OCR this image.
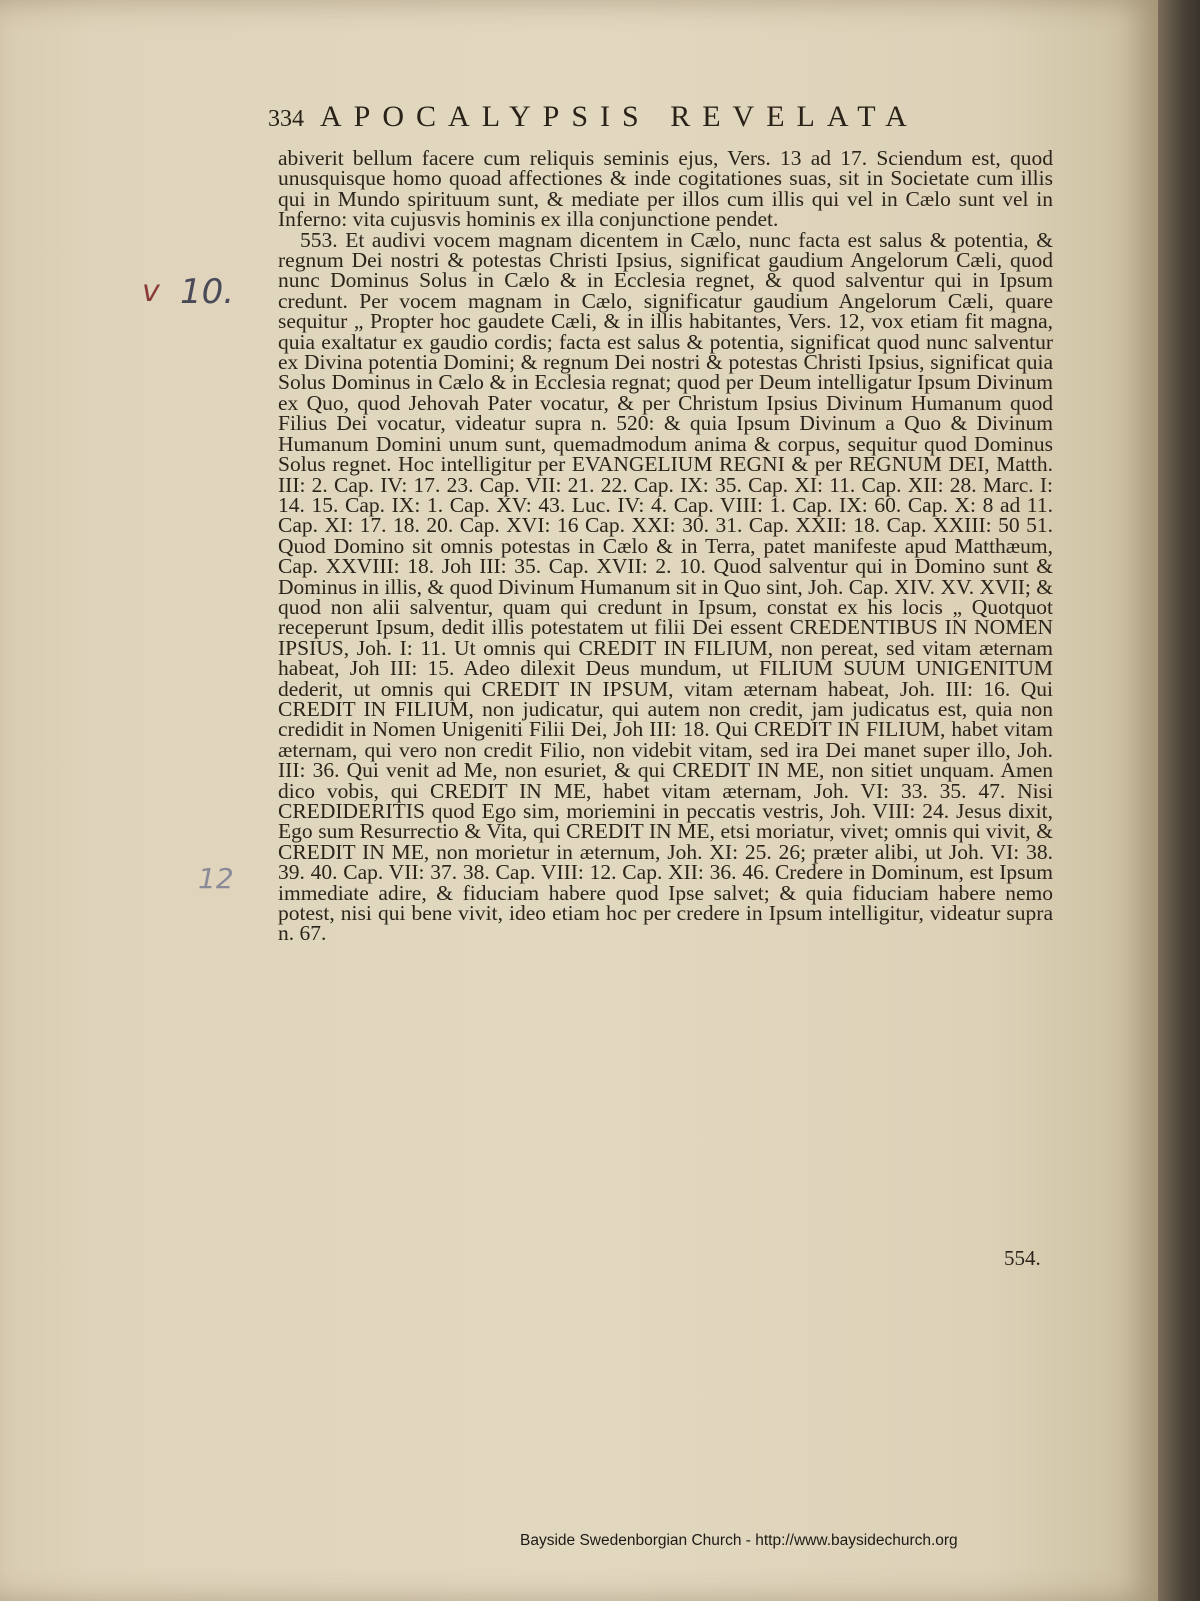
334 APOCALYPSIS REVELATA
v 10.
12

abiverit bellum facere cum reliquis seminis ejus, Vers. 13 ad 17. Sciendum est, quod unusquisque homo quoad affectiones & inde cogitationes suas, sit in Societate cum illis qui in Mundo spirituum sunt, & mediate per illos cum illis qui vel in Cælo sunt vel in Inferno: vita cujusvis hominis ex illa conjunctione pendet.

553. Et audivi vocem magnam dicentem in Cælo, nunc facta est salus & potentia, & regnum Dei nostri & potestas Christi Ipsius, significat gaudium Angelorum Cæli, quod nunc Dominus Solus in Cælo & in Ecclesia regnet, & quod salventur qui in Ipsum credunt. Per vocem magnam in Cælo, significatur gaudium Angelorum Cæli, quare sequitur „ Propter hoc gaudete Cæli, & in illis habitantes, Vers. 12, vox etiam fit magna, quia exaltatur ex gaudio cordis; facta est salus & potentia, significat quod nunc salventur ex Divina potentia Domini; & regnum Dei nostri & potestas Christi Ipsius, significat quia Solus Dominus in Cælo & in Ecclesia regnat; quod per Deum intelligatur Ipsum Divinum ex Quo, quod Jehovah Pater vocatur, & per Christum Ipsius Divinum Humanum quod Filius Dei vocatur, videatur supra n. 520: & quia Ipsum Divinum a Quo & Divinum Humanum Domini unum sunt, quemadmodum anima & corpus, sequitur quod Dominus Solus regnet. Hoc intelligitur per EVANGELIUM REGNI & per REGNUM DEI, Matth. III: 2. Cap. IV: 17. 23. Cap. VII: 21. 22. Cap. IX: 35. Cap. XI: 11. Cap. XII: 28. Marc. I: 14. 15. Cap. IX: 1. Cap. XV: 43. Luc. IV: 4. Cap. VIII: 1. Cap. IX: 60. Cap. X: 8 ad 11. Cap. XI: 17. 18. 20. Cap. XVI: 16 Cap. XXI: 30. 31. Cap. XXII: 18. Cap. XXIII: 50 51. Quod Domino sit omnis potestas in Cælo & in Terra, patet manifeste apud Matthæum, Cap. XXVIII: 18. Joh III: 35. Cap. XVII: 2. 10. Quod salventur qui in Domino sunt & Dominus in illis, & quod Divinum Humanum sit in Quo sint, Joh. Cap. XIV. XV. XVII; & quod non alii salventur, quam qui credunt in Ipsum, constat ex his locis „ Quotquot receperunt Ipsum, dedit illis potestatem ut filii Dei essent CREDENTIBUS IN NOMEN IPSIUS, Joh. I: 11. Ut omnis qui CREDIT IN FILIUM, non pereat, sed vitam æternam habeat, Joh III: 15. Adeo dilexit Deus mundum, ut FILIUM SUUM UNIGENITUM dederit, ut omnis qui CREDIT IN IPSUM, vitam æternam habeat, Joh. III: 16. Qui CREDIT IN FILIUM, non judicatur, qui autem non credit, jam judicatus est, quia non credidit in Nomen Unigeniti Filii Dei, Joh III: 18. Qui CREDIT IN FILIUM, habet vitam æternam, qui vero non credit Filio, non videbit vitam, sed ira Dei manet super illo, Joh. III: 36. Qui venit ad Me, non esuriet, & qui CREDIT IN ME, non sitiet unquam. Amen dico vobis, qui CREDIT IN ME, habet vitam æternam, Joh. VI: 33. 35. 47. Nisi CREDIDERITIS quod Ego sim, moriemini in peccatis vestris, Joh. VIII: 24. Jesus dixit, Ego sum Resurrectio & Vita, qui CREDIT IN ME, etsi moriatur, vivet; omnis qui vivit, & CREDIT IN ME, non morietur in æternum, Joh. XI: 25. 26; præter alibi, ut Joh. VI: 38. 39. 40. Cap. VII: 37. 38. Cap. VIII: 12. Cap. XII: 36. 46. Credere in Dominum, est Ipsum immediate adire, & fiduciam habere quod Ipse salvet; & quia fiduciam habere nemo potest, nisi qui bene vivit, ideo etiam hoc per credere in Ipsum intelligitur, videatur supra n. 67.

554.
Bayside Swedenborgian Church - http://www.baysidechurch.org
